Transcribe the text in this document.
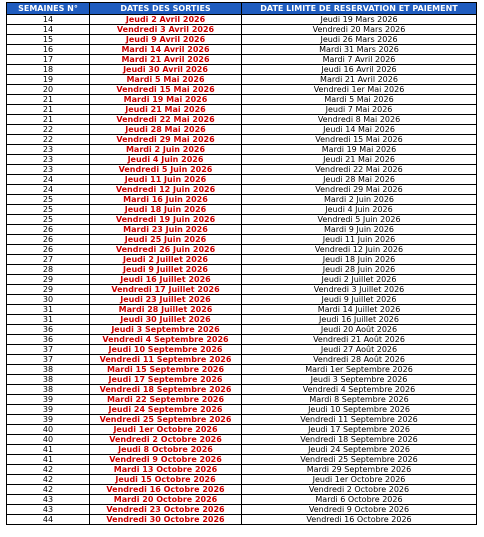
SEMAINES N°	DATES DES SORTIES	DATE LIMITE DE RESERVATION ET PAIEMENT
14	Jeudi 2 Avril 2026	Jeudi 19 Mars 2026
14	Vendredi 3 Avril 2026	Vendredi 20 Mars 2026
15	Jeudi 9 Avril 2026	Jeudi 26 Mars 2026
16	Mardi 14 Avril 2026	Mardi 31 Mars 2026
17	Mardi 21 Avril 2026	Mardi 7 Avril 2026
18	Jeudi 30 Avril 2026	Jeudi 16 Avril 2026
19	Mardi 5 Mai 2026	Mardi 21 Avril 2026
20	Vendredi 15 Mai 2026	Vendredi 1er Mai 2026
21	Mardi 19 Mai 2026	Mardi 5 Mai 2026
21	Jeudi 21 Mai 2026	Jeudi 7 Mai 2026
21	Vendredi 22 Mai 2026	Vendredi 8 Mai 2026
22	Jeudi 28 Mai 2026	Jeudi 14 Mai 2026
22	Vendredi 29 Mai 2026	Vendredi 15 Mai 2026
23	Mardi 2 Juin 2026	Mardi 19 Mai 2026
23	Jeudi 4 Juin 2026	Jeudi 21 Mai 2026
23	Vendredi 5 Juin 2026	Vendredi 22 Mai 2026
24	Jeudi 11 Juin 2026	Jeudi 28 Mai 2026
24	Vendredi 12 Juin 2026	Vendredi 29 Mai 2026
25	Mardi 16 Juin 2026	Mardi 2 Juin 2026
25	Jeudi 18 Juin 2026	Jeudi 4 Juin 2026
25	Vendredi 19 Juin 2026	Vendredi 5 Juin 2026
26	Mardi 23 Juin 2026	Mardi 9 Juin 2026
26	Jeudi 25 Juin 2026	Jeudi 11 Juin 2026
26	Vendredi 26 Juin 2026	Vendredi 12 Juin 2026
27	Jeudi 2 Juillet 2026	Jeudi 18 Juin 2026
28	Jeudi 9 Juillet 2026	Jeudi 28 Juin 2026
29	Jeudi 16 Juillet 2026	Jeudi 2 Juillet 2026
29	Vendredi 17 Juillet 2026	Vendredi 3 Juillet 2026
30	Jeudi 23 Juillet 2026	Jeudi 9 Juillet 2026
31	Mardi 28 Juillet 2026	Mardi 14 Juillet 2026
31	Jeudi 30 Juillet 2026	Jeudi 16 Juillet 2026
36	Jeudi 3 Septembre 2026	Jeudi 20 Août 2026
36	Vendredi 4 Septembre 2026	Vendredi 21 Août 2026
37	Jeudi 10 Septembre 2026	Jeudi 27 Août 2026
37	Vendredi 11 Septembre 2026	Vendredi 28 Août 2026
38	Mardi 15 Septembre 2026	Mardi 1er Septembre 2026
38	Jeudi 17 Septembre 2026	Jeudi 3 Septembre 2026
38	Vendredi 18 Septembre 2026	Vendredi 4 Septembre 2026
39	Mardi 22 Septembre 2026	Mardi 8 Septembre 2026
39	Jeudi 24 Septembre 2026	Jeudi 10 Septembre 2026
39	Vendredi 25 Septembre 2026	Vendredi 11 Septembre 2026
40	Jeudi 1er Octobre 2026	Jeudi 17 Septembre 2026
40	Vendredi 2 Octobre 2026	Vendredi 18 Septembre 2026
41	Jeudi 8 Octobre 2026	Jeudi 24 Septembre 2026
41	Vendredi 9 Octobre 2026	Vendredi 25 Septembre 2026
42	Mardi 13 Octobre 2026	Mardi 29 Septembre 2026
42	Jeudi 15 Octobre 2026	Jeudi 1er Octobre 2026
42	Vendredi 16 Octobre 2026	Vendredi 2 Octobre 2026
43	Mardi 20 Octobre 2026	Mardi 6 Octobre 2026
43	Vendredi 23 Octobre 2026	Vendredi 9 Octobre 2026
44	Vendredi 30 Octobre 2026	Vendredi 16 Octobre 2026
